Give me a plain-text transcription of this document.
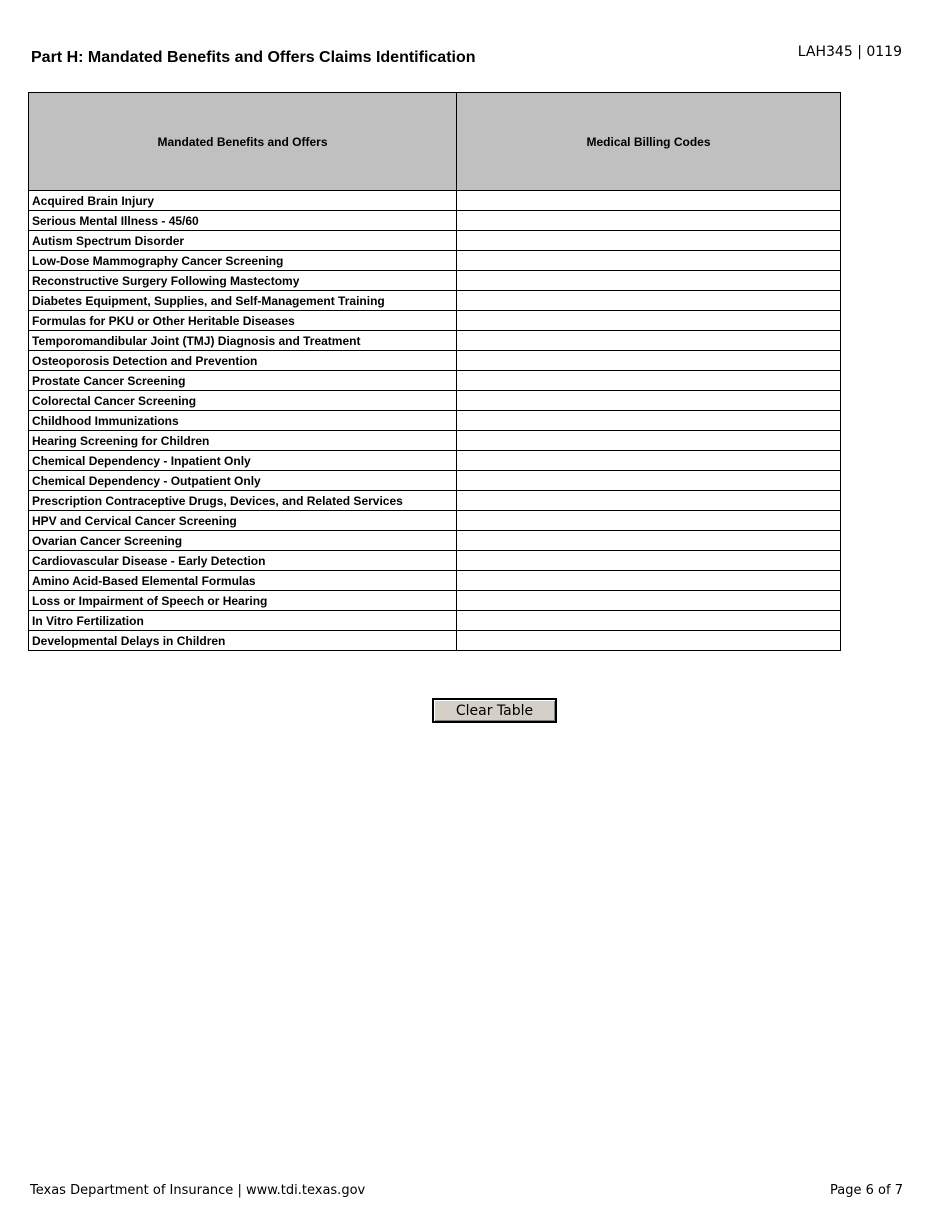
LAH345 | 0119
Part H: Mandated Benefits and Offers Claims Identification
Mandated Benefits and Offers	Medical Billing Codes
Acquired Brain Injury	
Serious Mental Illness - 45/60	
Autism Spectrum Disorder	
Low-Dose Mammography Cancer Screening	
Reconstructive Surgery Following Mastectomy	
Diabetes Equipment, Supplies, and Self-Management Training	
Formulas for PKU or Other Heritable Diseases	
Temporomandibular Joint (TMJ) Diagnosis and Treatment	
Osteoporosis Detection and Prevention	
Prostate Cancer Screening	
Colorectal Cancer Screening	
Childhood Immunizations	
Hearing Screening for Children	
Chemical Dependency - Inpatient Only	
Chemical Dependency - Outpatient Only	
Prescription Contraceptive Drugs, Devices, and Related Services	
HPV and Cervical Cancer Screening	
Ovarian Cancer Screening	
Cardiovascular Disease - Early Detection	
Amino Acid-Based Elemental Formulas	
Loss or Impairment of Speech or Hearing	
In Vitro Fertilization	
Developmental Delays in Children	
Clear Table
Texas Department of Insurance | www.tdi.texas.gov	Page 6 of 7
